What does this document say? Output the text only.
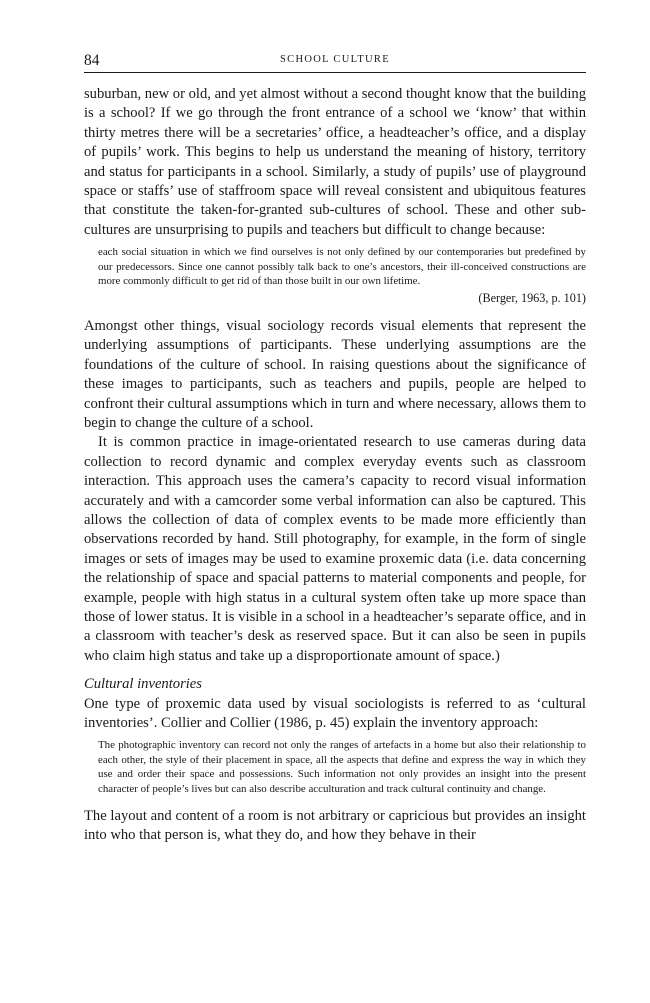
84	SCHOOL CULTURE

suburban, new or old, and yet almost without a second thought know that the building is a school? If we go through the front entrance of a school we ‘know’ that within thirty metres there will be a secretaries’ office, a headteacher’s office, and a display of pupils’ work. This begins to help us understand the meaning of history, territory and status for participants in a school. Similarly, a study of pupils’ use of playground space or staffs’ use of staffroom space will reveal consistent and ubiquitous features that constitute the taken-for-granted sub-cultures of school. These and other sub-cultures are unsurprising to pupils and teachers but difficult to change because:

each social situation in which we find ourselves is not only defined by our contemporaries but predefined by our predecessors. Since one cannot possibly talk back to one’s ancestors, their ill-conceived constructions are more commonly difficult to get rid of than those built in our own lifetime.
(Berger, 1963, p. 101)

Amongst other things, visual sociology records visual elements that represent the underlying assumptions of participants. These underlying assumptions are the foundations of the culture of school. In raising questions about the significance of these images to participants, such as teachers and pupils, people are helped to confront their cultural assumptions which in turn and where necessary, allows them to begin to change the culture of a school.

It is common practice in image-orientated research to use cameras during data collection to record dynamic and complex everyday events such as classroom interaction. This approach uses the camera’s capacity to record visual information accurately and with a camcorder some verbal information can also be captured. This allows the collection of data of complex events to be made more efficiently than observations recorded by hand. Still photography, for example, in the form of single images or sets of images may be used to examine proxemic data (i.e. data concerning the relationship of space and spacial patterns to material components and people, for example, people with high status in a cultural system often take up more space than those of lower status. It is visible in a school in a headteacher’s separate office, and in a classroom with teacher’s desk as reserved space. But it can also be seen in pupils who claim high status and take up a disproportionate amount of space.)

Cultural inventories

One type of proxemic data used by visual sociologists is referred to as ‘cultural inventories’. Collier and Collier (1986, p. 45) explain the inventory approach:

The photographic inventory can record not only the ranges of artefacts in a home but also their relationship to each other, the style of their placement in space, all the aspects that define and express the way in which they use and order their space and possessions. Such information not only provides an insight into the present character of people’s lives but can also describe acculturation and track cultural continuity and change.

The layout and content of a room is not arbitrary or capricious but provides an insight into who that person is, what they do, and how they behave in their
